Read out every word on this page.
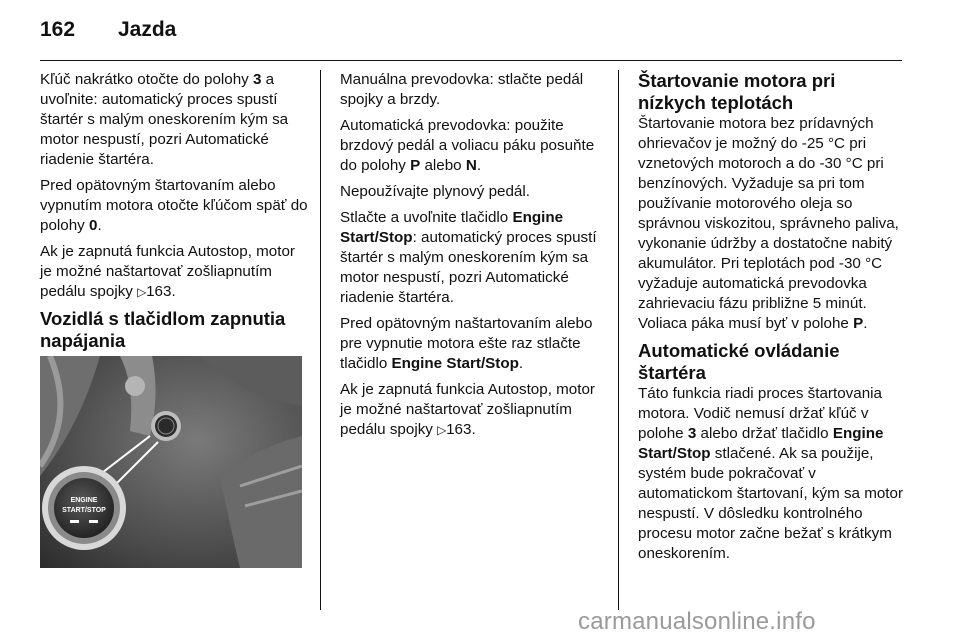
162	Jazda

Kľúč nakrátko otočte do polohy 3 a uvoľnite: automatický proces spustí štartér s malým oneskorením kým sa motor nespustí, pozri Automatické riadenie štartéra.

Pred opätovným štartovaním alebo vypnutím motora otočte kľúčom späť do polohy 0.

Ak je zapnutá funkcia Autostop, motor je možné naštartovať zošliapnutím pedálu spojky ▷163.

Vozidlá s tlačidlom zapnutia napájania
ENGINE
START/STOP

Manuálna prevodovka: stlačte pedál spojky a brzdy.

Automatická prevodovka: použite brzdový pedál a voliacu páku posuňte do polohy P alebo N.

Nepoužívajte plynový pedál.

Stlačte a uvoľnite tlačidlo Engine Start/Stop: automatický proces spustí štartér s malým oneskorením kým sa motor nespustí, pozri Automatické riadenie štartéra.

Pred opätovným naštartovaním alebo pre vypnutie motora ešte raz stlačte tlačidlo Engine Start/Stop.

Ak je zapnutá funkcia Autostop, motor je možné naštartovať zošliapnutím pedálu spojky ▷163.

Štartovanie motora pri nízkych teplotách

Štartovanie motora bez prídavných ohrievačov je možný do -25 °C pri vznetových motoroch a do -30 °C pri benzínových. Vyžaduje sa pri tom používanie motorového oleja so správnou viskozitou, správneho paliva, vykonanie údržby a dostatočne nabitý akumulátor. Pri teplotách pod -30 °C vyžaduje automatická prevodovka zahrievaciu fázu približne 5 minút. Voliaca páka musí byť v polohe P.

Automatické ovládanie štartéra

Táto funkcia riadi proces štartovania motora. Vodič nemusí držať kľúč v polohe 3 alebo držať tlačidlo Engine Start/Stop stlačené. Ak sa použije, systém bude pokračovať v automatickom štartovaní, kým sa motor nespustí. V dôsledku kontrolného procesu motor začne bežať s krátkym oneskorením.

carmanualsonline.info
